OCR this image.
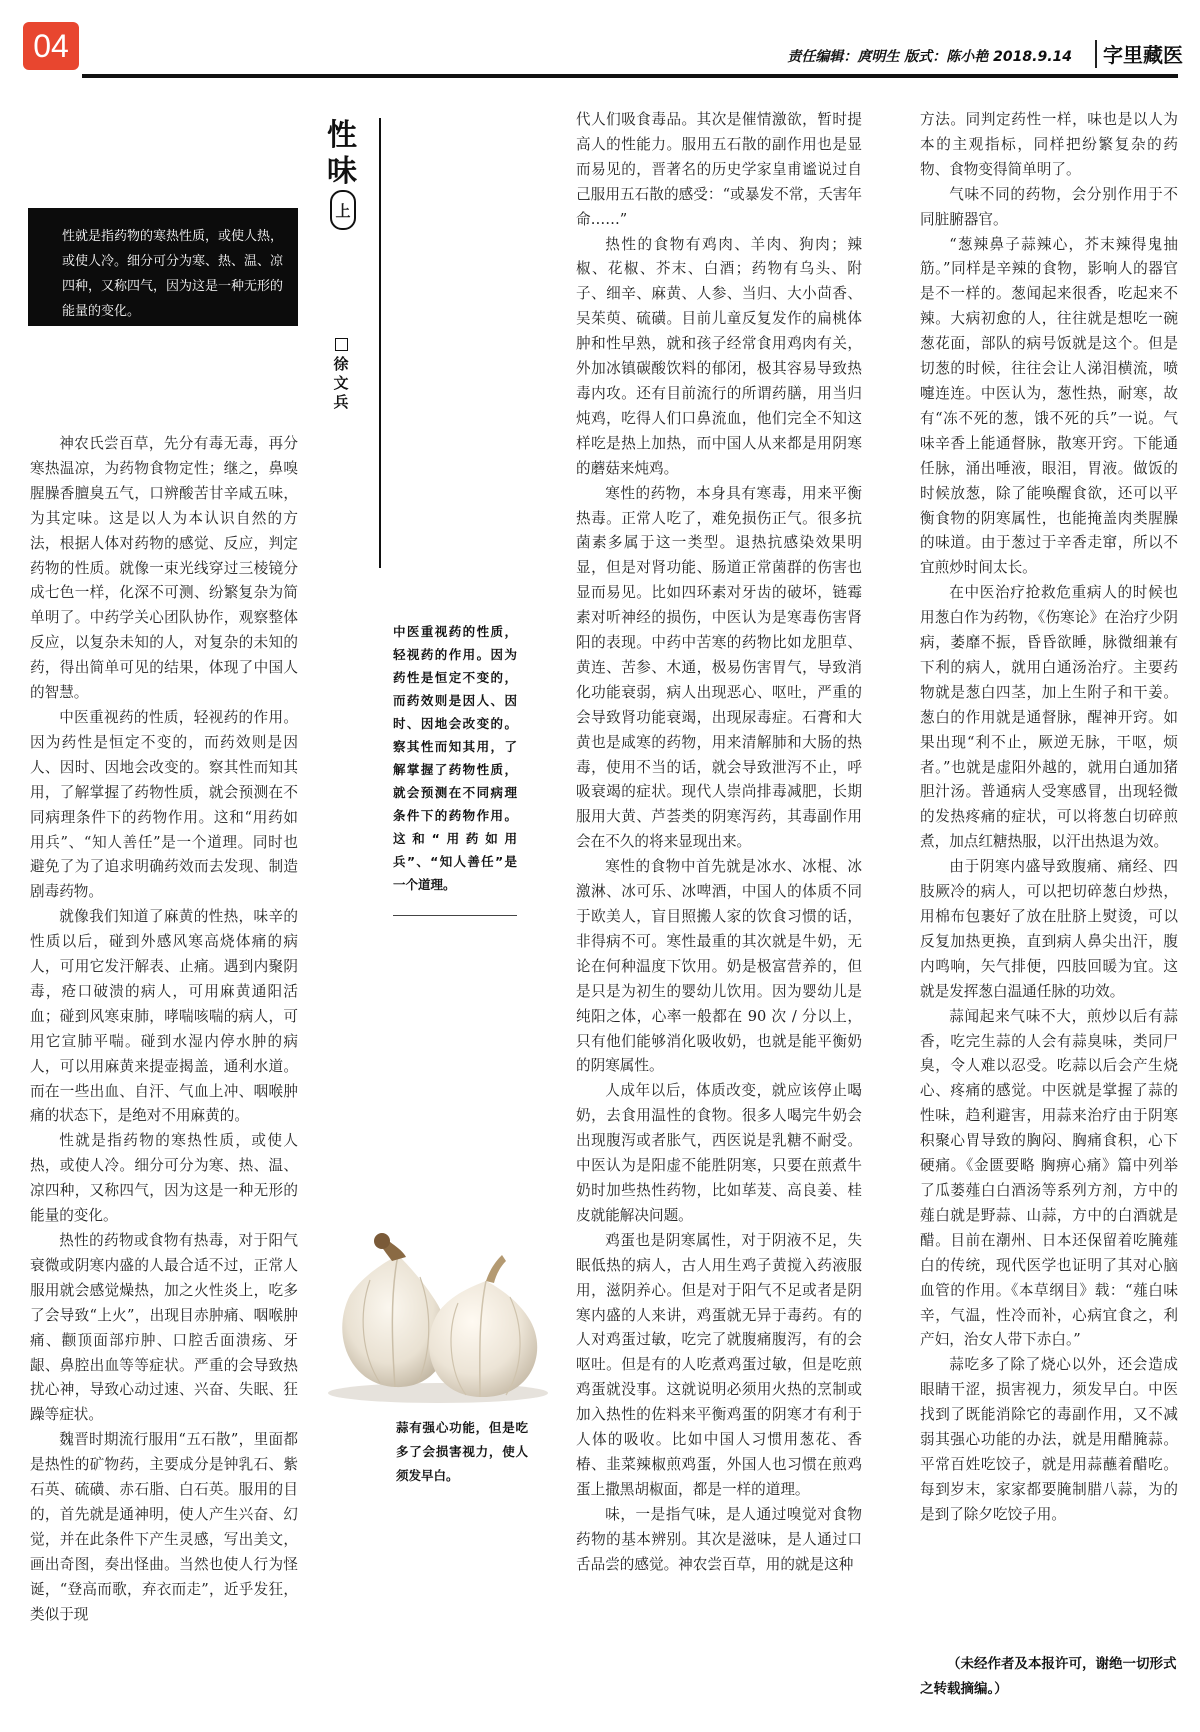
04	责任编辑：庹明生 版式：陈小艳 2018.9.14 字里藏医
性味
上
徐文兵
性就是指药物的寒热性质，或使人热，或使人冷。细分可分为寒、热、温、凉四种，又称四气，因为这是一种无形的能量的变化。

神农氏尝百草，先分有毒无毒，再分寒热温凉，为药物食物定性；继之，鼻嗅腥臊香膻臭五气，口辨酸苦甘辛咸五味，为其定味。这是以人为本认识自然的方法，根据人体对药物的感觉、反应，判定药物的性质。就像一束光线穿过三棱镜分成七色一样，化深不可测、纷繁复杂为简单明了。中药学关心团队协作，观察整体反应，以复杂未知的人，对复杂的未知的药，得出简单可见的结果，体现了中国人的智慧。

中医重视药的性质，轻视药的作用。因为药性是恒定不变的，而药效则是因人、因时、因地会改变的。察其性而知其用，了解掌握了药物性质，就会预测在不同病理条件下的药物作用。这和“用药如用兵”、“知人善任”是一个道理。同时也避免了为了追求明确药效而去发现、制造剧毒药物。

就像我们知道了麻黄的性热，味辛的性质以后，碰到外感风寒高烧体痛的病人，可用它发汗解表、止痛。遇到内聚阴毒，疮口破溃的病人，可用麻黄通阳活血；碰到风寒束肺，哮喘咳喘的病人，可用它宣肺平喘。碰到水湿内停水肿的病人，可以用麻黄来提壶揭盖，通利水道。而在一些出血、自汗、气血上冲、咽喉肿痛的状态下，是绝对不用麻黄的。

性就是指药物的寒热性质，或使人热，或使人冷。细分可分为寒、热、温、凉四种，又称四气，因为这是一种无形的能量的变化。

热性的药物或食物有热毒，对于阳气衰微或阴寒内盛的人最合适不过，正常人服用就会感觉燥热，加之火性炎上，吃多了会导致“上火”，出现目赤肿痛、咽喉肿痛、颧顶面部疖肿、口腔舌面溃疡、牙龈、鼻腔出血等等症状。严重的会导致热扰心神，导致心动过速、兴奋、失眠、狂躁等症状。

魏晋时期流行服用“五石散”，里面都是热性的矿物药，主要成分是钟乳石、紫石英、硫磺、赤石脂、白石英。服用的目的，首先就是通神明，使人产生兴奋、幻觉，并在此条件下产生灵感，写出美文，画出奇图，奏出怪曲。当然也使人行为怪诞，“登高而歌，弃衣而走”，近乎发狂，类似于现

代人们吸食毒品。其次是催情激欲，暂时提高人的性能力。服用五石散的副作用也是显而易见的，晋著名的历史学家皇甫谧说过自己服用五石散的感受：“或暴发不常，夭害年命……”

热性的食物有鸡肉、羊肉、狗肉；辣椒、花椒、芥末、白酒；药物有乌头、附子、细辛、麻黄、人参、当归、大小茴香、吴茱萸、硫磺。目前儿童反复发作的扁桃体肿和性早熟，就和孩子经常食用鸡肉有关，外加冰镇碳酸饮料的郁闭，极其容易导致热毒内攻。还有目前流行的所谓药膳，用当归炖鸡，吃得人们口鼻流血，他们完全不知这样吃是热上加热，而中国人从来都是用阴寒的蘑菇来炖鸡。

寒性的药物，本身具有寒毒，用来平衡热毒。正常人吃了，难免损伤正气。很多抗菌素多属于这一类型。退热抗感染效果明显，但是对肾功能、肠道正常菌群的伤害也显而易见。比如四环素对牙齿的破坏，链霉素对听神经的损伤，中医认为是寒毒伤害肾阳的表现。中药中苦寒的药物比如龙胆草、黄连、苦参、木通，极易伤害胃气，导致消化功能衰弱，病人出现恶心、呕吐，严重的会导致肾功能衰竭，出现尿毒症。石膏和大黄也是咸寒的药物，用来清解肺和大肠的热毒，使用不当的话，就会导致泄泻不止，呼吸衰竭的症状。现代人崇尚排毒减肥，长期服用大黄、芦荟类的阴寒泻药，其毒副作用会在不久的将来显现出来。

寒性的食物中首先就是冰水、冰棍、冰激淋、冰可乐、冰啤酒，中国人的体质不同于欧美人，盲目照搬人家的饮食习惯的话，非得病不可。寒性最重的其次就是牛奶，无论在何种温度下饮用。奶是极富营养的，但是只是为初生的婴幼儿饮用。因为婴幼儿是纯阳之体，心率一般都在 90 次 / 分以上，只有他们能够消化吸收奶，也就是能平衡奶的阴寒属性。

人成年以后，体质改变，就应该停止喝奶，去食用温性的食物。很多人喝完牛奶会出现腹泻或者胀气，西医说是乳糖不耐受。中医认为是阳虚不能胜阴寒，只要在煎煮牛奶时加些热性药物，比如荜茇、高良姜、桂皮就能解决问题。

鸡蛋也是阴寒属性，对于阴液不足，失眠低热的病人，古人用生鸡子黄搅入药液服用，滋阴养心。但是对于阳气不足或者是阴寒内盛的人来讲，鸡蛋就无异于毒药。有的人对鸡蛋过敏，吃完了就腹痛腹泻，有的会呕吐。但是有的人吃煮鸡蛋过敏，但是吃煎鸡蛋就没事。这就说明必须用火热的烹制或加入热性的佐料来平衡鸡蛋的阴寒才有利于人体的吸收。比如中国人习惯用葱花、香椿、韭菜辣椒煎鸡蛋，外国人也习惯在煎鸡蛋上撒黑胡椒面，都是一样的道理。

味，一是指气味，是人通过嗅觉对食物药物的基本辨别。其次是滋味，是人通过口舌品尝的感觉。神农尝百草，用的就是这种

方法。同判定药性一样，味也是以人为本的主观指标，同样把纷繁复杂的药物、食物变得简单明了。

气味不同的药物，会分别作用于不同脏腑器官。

“葱辣鼻子蒜辣心，芥末辣得鬼抽筋。”同样是辛辣的食物，影响人的器官是不一样的。葱闻起来很香，吃起来不辣。大病初愈的人，往往就是想吃一碗葱花面，部队的病号饭就是这个。但是切葱的时候，往往会让人涕泪横流，喷嚏连连。中医认为，葱性热，耐寒，故有“冻不死的葱，饿不死的兵”一说。气味辛香上能通督脉，散寒开窍。下能通任脉，涌出唾液，眼泪，胃液。做饭的时候放葱，除了能唤醒食欲，还可以平衡食物的阴寒属性，也能掩盖肉类腥臊的味道。由于葱过于辛香走窜，所以不宜煎炒时间太长。

在中医治疗抢救危重病人的时候也用葱白作为药物，《伤寒论》在治疗少阴病，萎靡不振，昏昏欲睡，脉微细兼有下利的病人，就用白通汤治疗。主要药物就是葱白四茎，加上生附子和干姜。葱白的作用就是通督脉，醒神开窍。如果出现“利不止，厥逆无脉，干呕，烦者。”也就是虚阳外越的，就用白通加猪胆汁汤。普通病人受寒感冒，出现轻微的发热疼痛的症状，可以将葱白切碎煎煮，加点红糖热服，以汗出热退为效。

由于阴寒内盛导致腹痛、痛经、四肢厥冷的病人，可以把切碎葱白炒热，用棉布包裹好了放在肚脐上熨烫，可以反复加热更换，直到病人鼻尖出汗，腹内鸣响，矢气排便，四肢回暖为宜。这就是发挥葱白温通任脉的功效。

蒜闻起来气味不大，煎炒以后有蒜香，吃完生蒜的人会有蒜臭味，类同尸臭，令人难以忍受。吃蒜以后会产生烧心、疼痛的感觉。中医就是掌握了蒜的性味，趋利避害，用蒜来治疗由于阴寒积聚心胃导致的胸闷、胸痛食积，心下硬痛。《金匮要略 胸痹心痛》篇中列举了瓜蒌薤白白酒汤等系列方剂，方中的薤白就是野蒜、山蒜，方中的白酒就是醋。目前在潮州、日本还保留着吃腌薤白的传统，现代医学也证明了其对心脑血管的作用。《本草纲目》载：“薤白味辛，气温，性冷而补，心病宜食之，利产妇，治女人带下赤白。”

蒜吃多了除了烧心以外，还会造成眼睛干涩，损害视力，须发早白。中医找到了既能消除它的毒副作用，又不减弱其强心功能的办法，就是用醋腌蒜。平常百姓吃饺子，就是用蒜蘸着醋吃。每到岁末，家家都要腌制腊八蒜，为的是到了除夕吃饺子用。

中医重视药的性质，轻视药的作用。因为药性是恒定不变的，而药效则是因人、因时、因地会改变的。察其性而知其用，了解掌握了药物性质，就会预测在不同病理条件下的药物作用。这和“用药如用兵”、“知人善任”是一个道理。
蒜有强心功能，但是吃多了会损害视力，使人须发早白。
（未经作者及本报许可，谢绝一切形式之转载摘编。）
